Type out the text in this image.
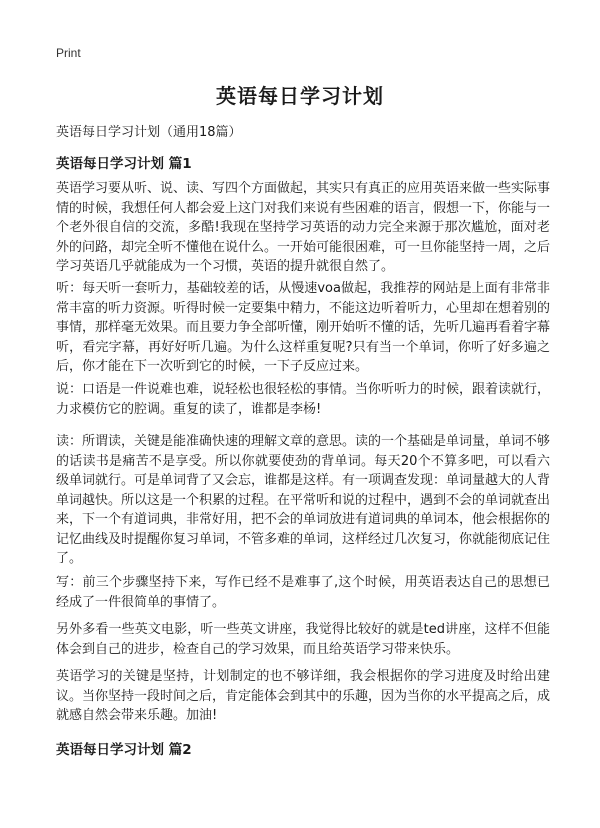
Print
英语每日学习计划
英语每日学习计划（通用18篇）
英语每日学习计划 篇1
英语学习要从听、说、读、写四个方面做起，其实只有真正的应用英语来做一些实际事情的时候，我想任何人都会爱上这门对我们来说有些困难的语言，假想一下，你能与一个老外很自信的交流，多酷!我现在坚持学习英语的动力完全来源于那次尴尬，面对老外的问路，却完全听不懂他在说什么。一开始可能很困难，可一旦你能坚持一周，之后学习英语几乎就能成为一个习惯，英语的提升就很自然了。
听：每天听一套听力，基础较差的话，从慢速voa做起，我推荐的网站是上面有非常非常丰富的听力资源。听得时候一定要集中精力，不能这边听着听力，心里却在想着别的事情，那样毫无效果。而且要力争全部听懂，刚开始听不懂的话，先听几遍再看着字幕听，看完字幕，再好好听几遍。为什么这样重复呢?只有当一个单词，你听了好多遍之后，你才能在下一次听到它的时候，一下子反应过来。
说：口语是一件说难也难，说轻松也很轻松的事情。当你听听力的时候，跟着读就行，力求模仿它的腔调。重复的读了，谁都是李杨!
读：所谓读，关键是能准确快速的理解文章的意思。读的一个基础是单词量，单词不够的话读书是痛苦不是享受。所以你就要使劲的背单词。每天20个不算多吧，可以看六级单词就行。可是单词背了又会忘，谁都是这样。有一项调查发现：单词量越大的人背单词越快。所以这是一个积累的过程。在平常听和说的过程中，遇到不会的单词就查出来，下一个有道词典，非常好用，把不会的单词放进有道词典的单词本，他会根据你的记忆曲线及时提醒你复习单词，不管多难的单词，这样经过几次复习，你就能彻底记住了。
写：前三个步骤坚持下来，写作已经不是难事了,这个时候，用英语表达自己的思想已经成了一件很简单的事情了。
另外多看一些英文电影，听一些英文讲座，我觉得比较好的就是ted讲座，这样不但能体会到自己的进步，检查自己的学习效果，而且给英语学习带来快乐。
英语学习的关键是坚持，计划制定的也不够详细，我会根据你的学习进度及时给出建议。当你坚持一段时间之后，肯定能体会到其中的乐趣，因为当你的水平提高之后，成就感自然会带来乐趣。加油!
英语每日学习计划 篇2
